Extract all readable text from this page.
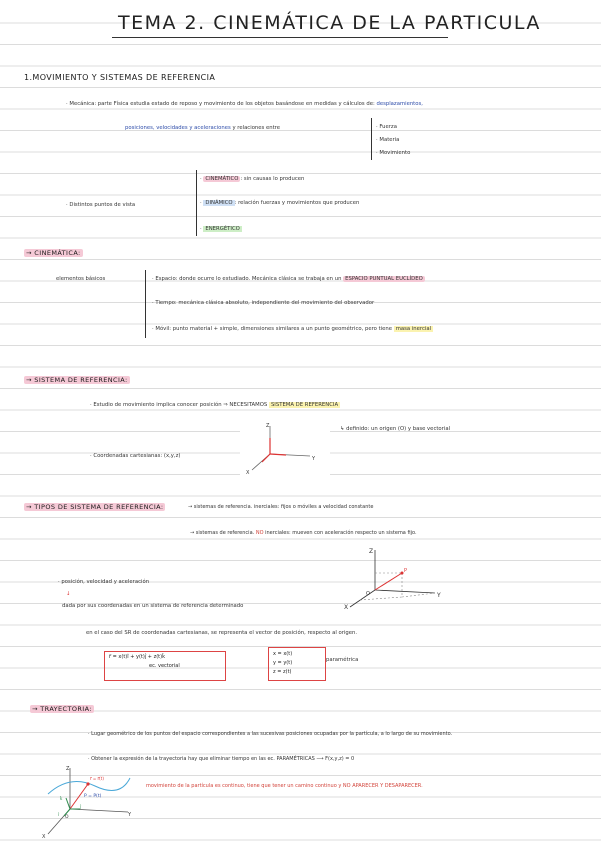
TEMA 2. CINEMÁTICA DE LA PARTICULA
1.MOVIMIENTO Y SISTEMAS DE REFERENCIA
· Mecánica: parte Física estudia estado de reposo y movimiento de los objetos basándose en medidas y cálculos de: desplazamientos,
posiciones, velocidades y aceleraciones y relaciones entre	· Fuerza
· Materia
· Movimiento
· Distintos puntos de vista
· CINEMÁTICO : sin causas lo producen
· DINÁMICO : relación fuerzas y movimientos que producen
· ENERGÉTICO
→ CINEMÁTICA:
elementos básicos	· Espacio: donde ocurre lo estudiado. Mecánica clásica se trabaja en un ESPACIO PUNTUAL EUCLÍDEO
· Tiempo: mecánica clásica absoluto, independiente del movimiento del observador
· Móvil: punto material + simple, dimensiones similares a un punto geométrico, pero tiene masa inercial
→ SISTEMA DE REFERENCIA:
· Estudio de movimiento implica conocer posición ⇒ NECESITAMOS SISTEMA DE REFERENCIA
↳ definido: un origen (O) y base vectorial
· Coordenadas cartesianas: (x,y,z)
Z
Y
X
→ TIPOS DE SISTEMA DE REFERENCIA:	→ sistemas de referencia. inerciales: fijos o móviles a velocidad constante
→ sistemas de referencia. NO inerciales: mueven con aceleración respecto un sistema fijo.
· posición, velocidad y aceleración
↓
dada por sus coordenadas en un sistema de referencia determinado
Z
Y
X
O
P
en el caso del SR de coordenadas cartesianas, se representa el vector de posición, respecto al origen.
r⃗ = x(t)î + y(t)ĵ + z(t)k̂
ec. vectorial
x = x(t)
y = y(t)
z = z(t)
paramétrica
→ TRAYECTORIA:
· Lugar geométrico de los puntos del espacio correspondientes a las sucesivas posiciones ocupadas por la partícula, a lo largo de su movimiento.
· Obtener la expresión de la trayectoria hay que eliminar tiempo en las ec. PARAMÉTRICAS ⟶ F(x,y,z) = 0
movimiento de la partícula es continuo, tiene que tener un camino continuo y NO APARECER Y DESAPARECER.
Z
Y
X
O
r⃗ = r⃗(t)
P = P(t)
k̂
ĵ
î
